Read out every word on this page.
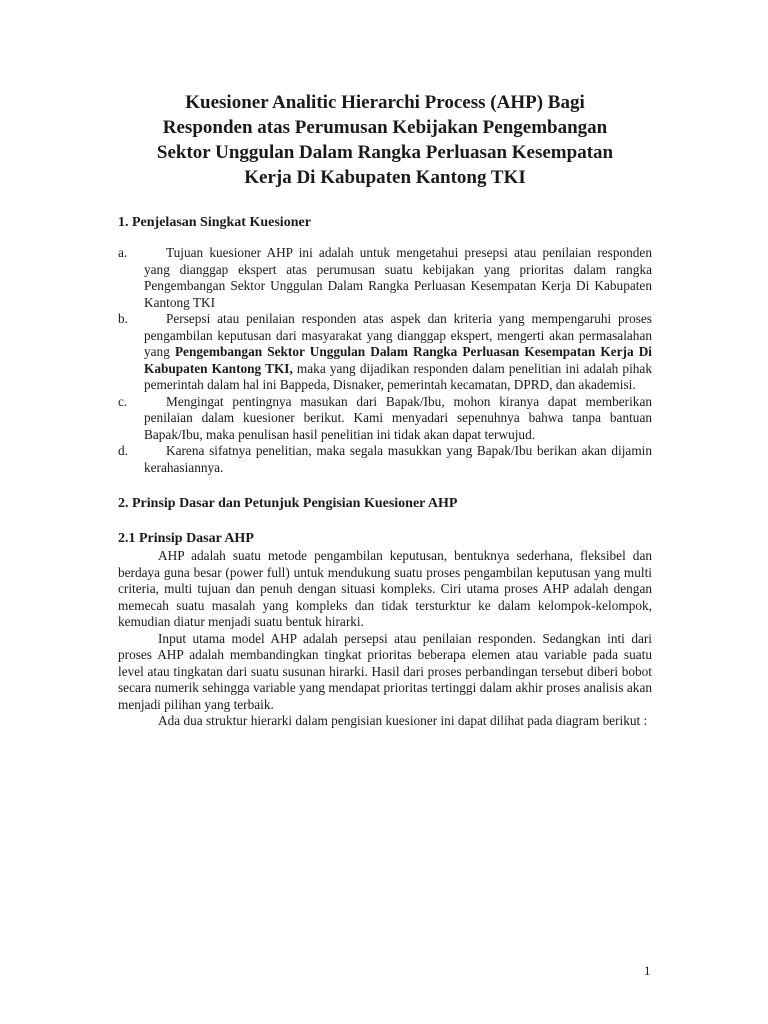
Kuesioner Analitic Hierarchi Process (AHP) Bagi
Responden atas Perumusan Kebijakan Pengembangan
Sektor Unggulan Dalam Rangka Perluasan Kesempatan
Kerja Di Kabupaten Kantong TKI
1. Penjelasan Singkat Kuesioner
a.	Tujuan kuesioner AHP ini adalah untuk mengetahui presepsi atau penilaian responden yang dianggap ekspert atas perumusan suatu kebijakan yang prioritas dalam rangka Pengembangan Sektor Unggulan Dalam Rangka Perluasan Kesempatan Kerja Di Kabupaten Kantong TKI
b.	Persepsi atau penilaian responden atas aspek dan kriteria yang mempengaruhi proses pengambilan keputusan dari masyarakat yang dianggap ekspert, mengerti akan permasalahan yang Pengembangan Sektor Unggulan Dalam Rangka Perluasan Kesempatan Kerja Di Kabupaten Kantong TKI, maka yang dijadikan responden dalam penelitian ini adalah pihak pemerintah dalam hal ini Bappeda, Disnaker, pemerintah kecamatan, DPRD, dan akademisi.
c.	Mengingat pentingnya masukan dari Bapak/Ibu, mohon kiranya dapat memberikan penilaian dalam kuesioner berikut. Kami menyadari sepenuhnya bahwa tanpa bantuan Bapak/Ibu, maka penulisan hasil penelitian ini tidak akan dapat terwujud.
d.	Karena sifatnya penelitian, maka segala masukkan yang Bapak/Ibu berikan akan dijamin kerahasiannya.
2. Prinsip Dasar dan Petunjuk Pengisian Kuesioner AHP
2.1 Prinsip Dasar AHP

AHP adalah suatu metode pengambilan keputusan, bentuknya sederhana, fleksibel dan berdaya guna besar (power full) untuk mendukung suatu proses pengambilan keputusan yang multi criteria, multi tujuan dan penuh dengan situasi kompleks. Ciri utama proses AHP adalah dengan memecah suatu masalah yang kompleks dan tidak tersturktur ke dalam kelompok-kelompok, kemudian diatur menjadi suatu bentuk hirarki.

Input utama model AHP adalah persepsi atau penilaian responden. Sedangkan inti dari proses AHP adalah membandingkan tingkat prioritas beberapa elemen atau variable pada suatu level atau tingkatan dari suatu susunan hirarki. Hasil dari proses perbandingan tersebut diberi bobot secara numerik sehingga variable yang mendapat prioritas tertinggi dalam akhir proses analisis akan menjadi pilihan yang terbaik.

Ada dua struktur hierarki dalam pengisian kuesioner ini dapat dilihat pada diagram berikut :

1
